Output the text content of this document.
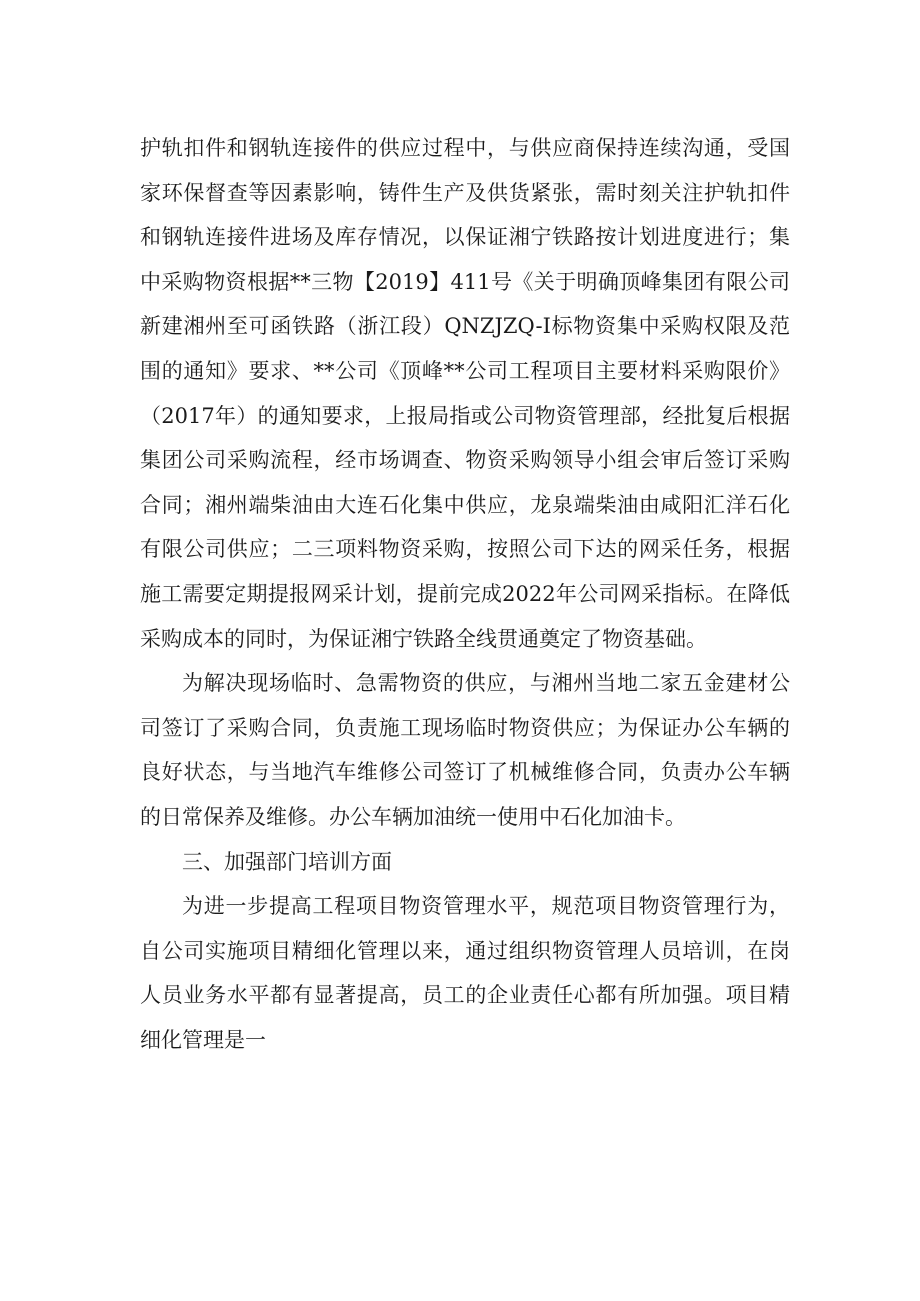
护轨扣件和钢轨连接件的供应过程中，与供应商保持连续沟通，受国家环保督查等因素影响，铸件生产及供货紧张，需时刻关注护轨扣件和钢轨连接件进场及库存情况，以保证湘宁铁路按计划进度进行；集中采购物资根据**三物【2019】411号《关于明确顶峰集团有限公司新建湘州至可函铁路（浙江段）QNZJZQ-I标物资集中采购权限及范围的通知》要求、**公司《顶峰**公司工程项目主要材料采购限价》（2017年）的通知要求，上报局指或公司物资管理部，经批复后根据集团公司采购流程，经市场调查、物资采购领导小组会审后签订采购合同；湘州端柴油由大连石化集中供应，龙泉端柴油由咸阳汇洋石化有限公司供应；二三项料物资采购，按照公司下达的网采任务，根据施工需要定期提报网采计划，提前完成2022年公司网采指标。在降低采购成本的同时，为保证湘宁铁路全线贯通奠定了物资基础。

为解决现场临时、急需物资的供应，与湘州当地二家五金建材公司签订了采购合同，负责施工现场临时物资供应；为保证办公车辆的良好状态，与当地汽车维修公司签订了机械维修合同，负责办公车辆的日常保养及维修。办公车辆加油统一使用中石化加油卡。

三、加强部门培训方面

为进一步提高工程项目物资管理水平，规范项目物资管理行为，自公司实施项目精细化管理以来，通过组织物资管理人员培训，在岗人员业务水平都有显著提高，员工的企业责任心都有所加强。项目精细化管理是一
